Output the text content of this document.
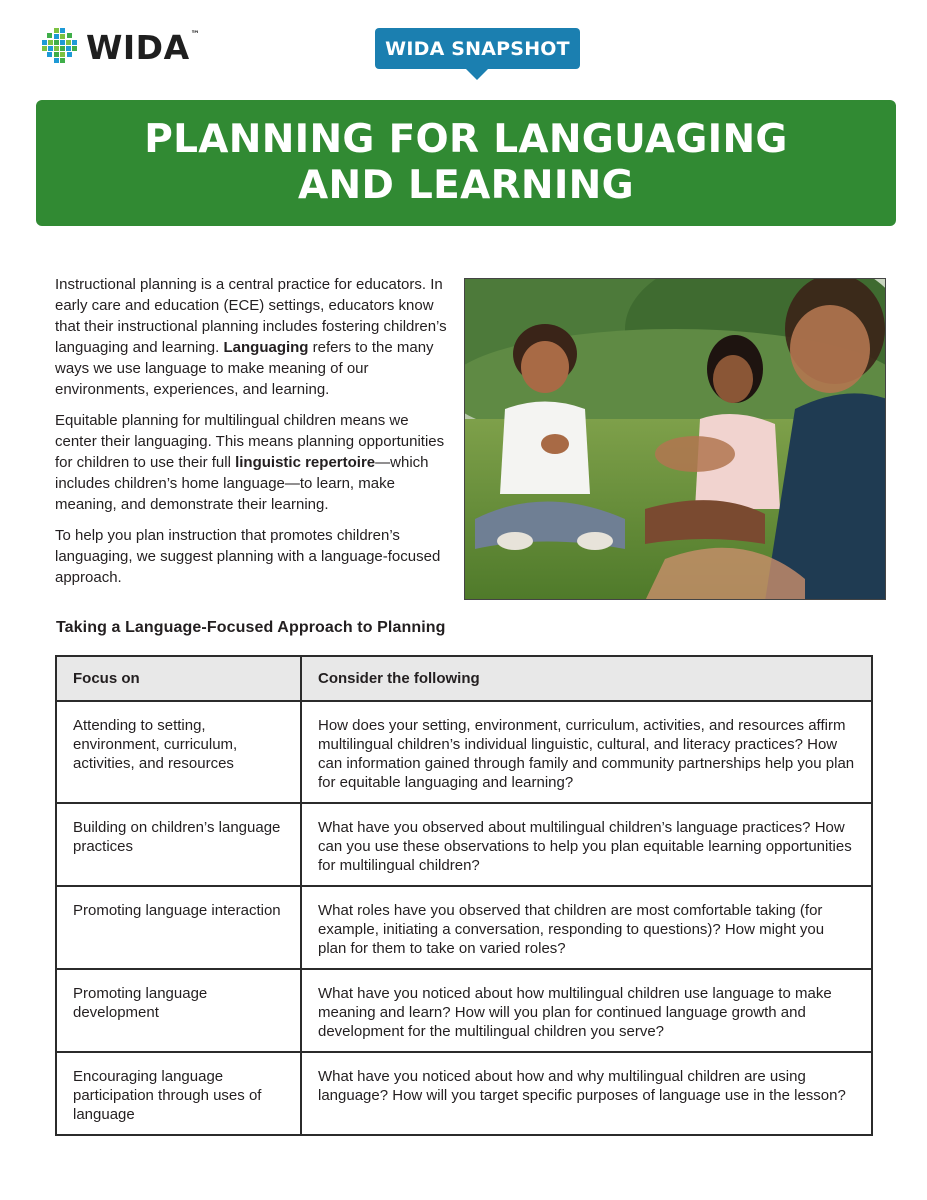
WIDA™
WIDA SNAPSHOT
PLANNING FOR LANGUAGING
AND LEARNING

Instructional planning is a central practice for educators. In early care and education (ECE) settings, educators know that their instructional planning includes fostering children’s languaging and learning. Languaging refers to the many ways we use language to make meaning of our environments, experiences, and learning.

Equitable planning for multilingual children means we center their languaging. This means planning opportunities for children to use their full linguistic repertoire—which includes children’s home language—to learn, make meaning, and demonstrate their learning.

To help you plan instruction that promotes children’s languaging, we suggest planning with a language-focused approach.

Taking a Language-Focused Approach to Planning
Focus on	Consider the following
Attending to setting, environment, curriculum, activities, and resources	How does your setting, environment, curriculum, activities, and resources affirm multilingual children’s individual linguistic, cultural, and literacy practices? How can information gained through family and community partnerships help you plan for equitable languaging and learning?
Building on children’s language practices	What have you observed about multilingual children’s language practices? How can you use these observations to help you plan equitable learning opportunities for multilingual children?
Promoting language interaction	What roles have you observed that children are most comfortable taking (for example, initiating a conversation, responding to questions)? How might you plan for them to take on varied roles?
Promoting language development	What have you noticed about how multilingual children use language to make meaning and learn? How will you plan for continued language growth and development for the multilingual children you serve?
Encouraging language participation through uses of language	What have you noticed about how and why multilingual children are using language? How will you target specific purposes of language use in the lesson?
